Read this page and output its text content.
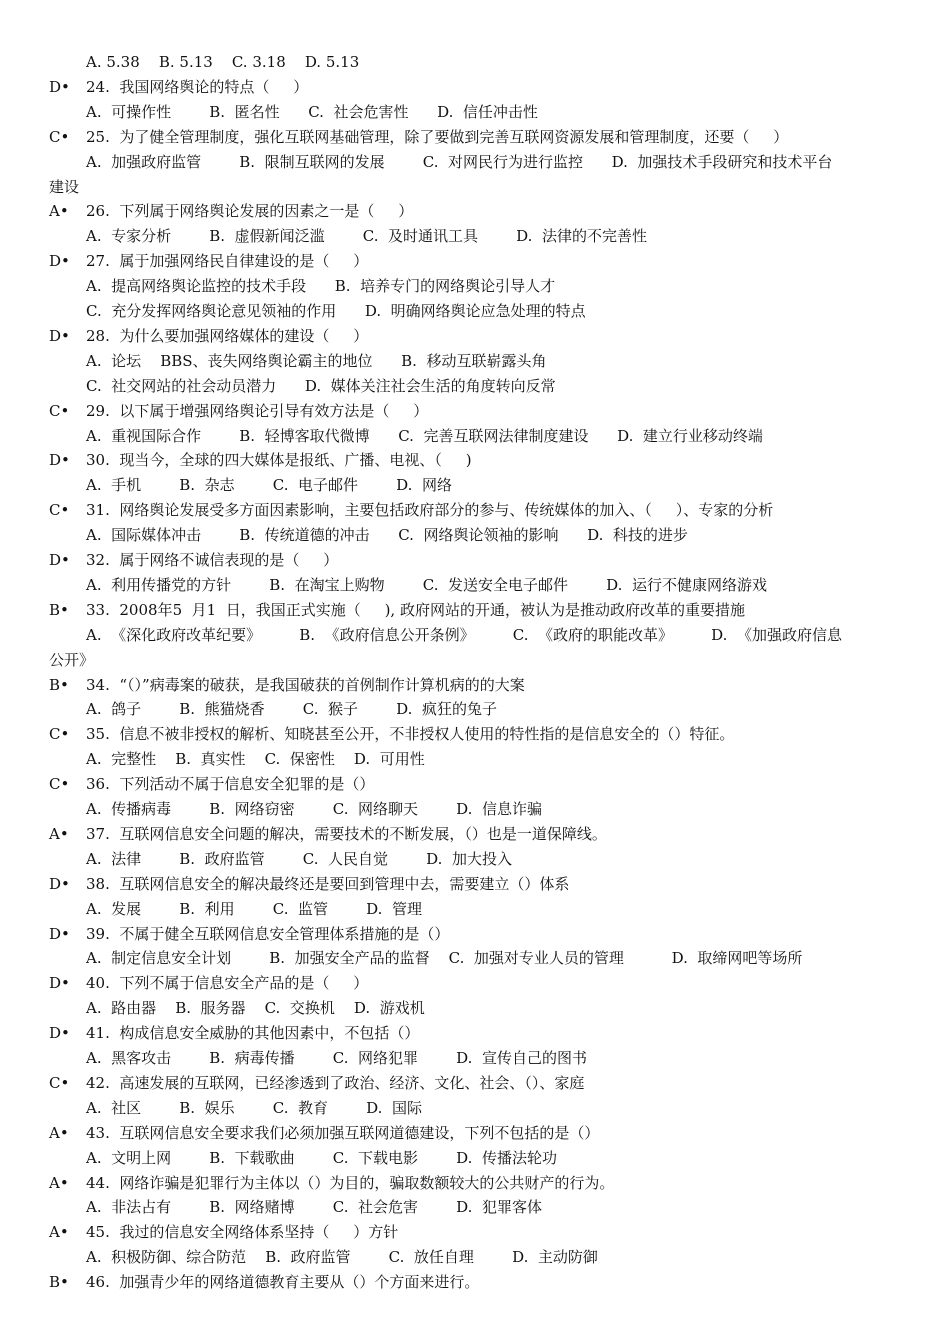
A. 5.38    B. 5.13    C. 3.18    D. 5.13
D• 24.  我国网络舆论的特点（     ）
A.  可操作性        B.  匿名性      C.  社会危害性      D.  信任冲击性
C• 25.  为了健全管理制度，强化互联网基础管理，除了要做到完善互联网资源发展和管理制度，还要（     ）
A.  加强政府监管        B.  限制互联网的发展        C.  对网民行为进行监控      D.  加强技术手段研究和技术平台
建设
A• 26.  下列属于网络舆论发展的因素之一是（     ）
A.  专家分析        B.  虚假新闻泛滥        C.  及时通讯工具        D.  法律的不完善性
D• 27.  属于加强网络民自律建设的是（     ）
A.  提高网络舆论监控的技术手段      B.  培养专门的网络舆论引导人才
C.  充分发挥网络舆论意见领袖的作用      D.  明确网络舆论应急处理的特点
D• 28.  为什么要加强网络媒体的建设（     ）
A.  论坛    BBS、丧失网络舆论霸主的地位      B.  移动互联崭露头角
C.  社交网站的社会动员潜力      D.  媒体关注社会生活的角度转向反常
C• 29.  以下属于增强网络舆论引导有效方法是（     ）
A.  重视国际合作        B.  轻博客取代微博      C.  完善互联网法律制度建设      D.  建立行业移动终端
D• 30.  现当今，全球的四大媒体是报纸、广播、电视、（     )
A.  手机        B.  杂志        C.  电子邮件        D.  网络
C• 31.  网络舆论发展受多方面因素影响，主要包括政府部分的参与、传统媒体的加入、（     ）、专家的分析
A.  国际媒体冲击        B.  传统道德的冲击      C.  网络舆论领袖的影响      D.  科技的进步
D• 32.  属于网络不诚信表现的是（     ）
A.  利用传播党的方针        B.  在淘宝上购物        C.  发送安全电子邮件        D.  运行不健康网络游戏
B• 33.  2008年5  月1  日，我国正式实施（     ), 政府网站的开通，被认为是推动政府改革的重要措施
A.  《深化政府改革纪要》        B.  《政府信息公开条例》        C.  《政府的职能改革》        D.  《加强政府信息
公开》
B• 34.  “（）”病毒案的破获，是我国破获的首例制作计算机病的的大案
A.  鸽子        B.  熊猫烧香        C.  猴子        D.  疯狂的兔子
C• 35.  信息不被非授权的解析、知晓甚至公开，不非授权人使用的特性指的是信息安全的（）特征。
A.  完整性    B.  真实性    C.  保密性    D.  可用性
C• 36.  下列活动不属于信息安全犯罪的是（）
A.  传播病毒        B.  网络窃密        C.  网络聊天        D.  信息诈骗
A• 37.  互联网信息安全问题的解决，需要技术的不断发展，（）也是一道保障线。
A.  法律        B.  政府监管        C.  人民自觉        D.  加大投入
D• 38.  互联网信息安全的解决最终还是要回到管理中去，需要建立（）体系
A.  发展        B.  利用        C.  监管        D.  管理
D• 39.  不属于健全互联网信息安全管理体系措施的是（）
A.  制定信息安全计划        B.  加强安全产品的监督    C.  加强对专业人员的管理          D.  取缔网吧等场所
D• 40.  下列不属于信息安全产品的是（     ）
A.  路由器    B.  服务器    C.  交换机    D.  游戏机
D• 41.  构成信息安全威胁的其他因素中，不包括（）
A.  黑客攻击        B.  病毒传播        C.  网络犯罪        D.  宣传自己的图书
C• 42.  高速发展的互联网，已经渗透到了政治、经济、文化、社会、（）、家庭
A.  社区        B.  娱乐        C.  教育        D.  国际
A• 43.  互联网信息安全要求我们必须加强互联网道德建设，下列不包括的是（）
A.  文明上网        B.  下载歌曲        C.  下载电影        D.  传播法轮功
A• 44.  网络诈骗是犯罪行为主体以（）为目的，骗取数额较大的公共财产的行为。
A.  非法占有        B.  网络赌博        C.  社会危害        D.  犯罪客体
A• 45.  我过的信息安全网络体系坚持（     ）方针
A.  积极防御、综合防范    B.  政府监管        C.  放任自理        D.  主动防御
B• 46.  加强青少年的网络道德教育主要从（）个方面来进行。
